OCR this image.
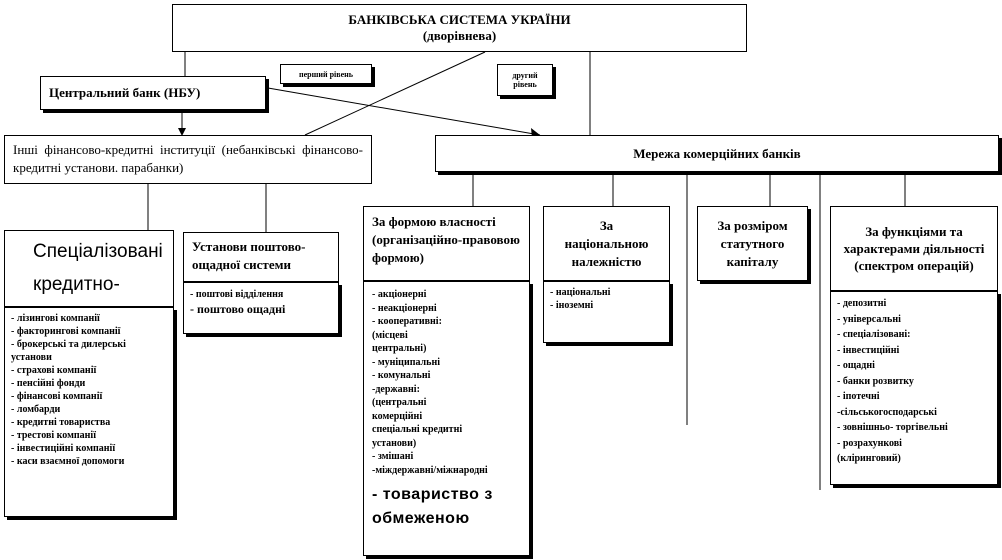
БАНКІВСЬКА СИСТЕМА УКРАЇНИ
(дворівнева)
перший рівень	другий рівень
Центральний банк (НБУ)
Інші фінансово-кредитні інституції (небанківські фінансово-кредитні установи. парабанки)
Мережа комерційних банків
Спеціалізовані кредитно-
- лізингові компанії
- факторингові компанії
- брокерські та дилерські установи
- страхові компанії
- пенсійні фонди
- фінансові компанії
- ломбарди
- кредитні товариства
- трестові компанії
- інвестиційні компанії
- каси взаємної допомоги
Установи поштово-ощадної системи
- поштові відділення
- поштово ощадні
За формою власності (організаційно-правовою формою)
- акціонерні
- неакціонерні
- кооперативні:
(місцеві
центральні)
- муніципальні
- комунальні
-державні:
(центральні
комерційні
спеціальні кредитні
установи)
- змішані
-міждержавні/міжнародні
- товариство з обмеженою
За національною належністю
- національні
- іноземні
За розміром статутного капіталу
За функціями та характерами діяльності (спектром операцій)
- депозитні
- універсальні
- спеціалізовані:
- інвестиційні
- ощадні
- банки розвитку
- іпотечні
-сільськогосподарські
- зовнішньо- торгівельні
- розрахункові
(кліринговий)
